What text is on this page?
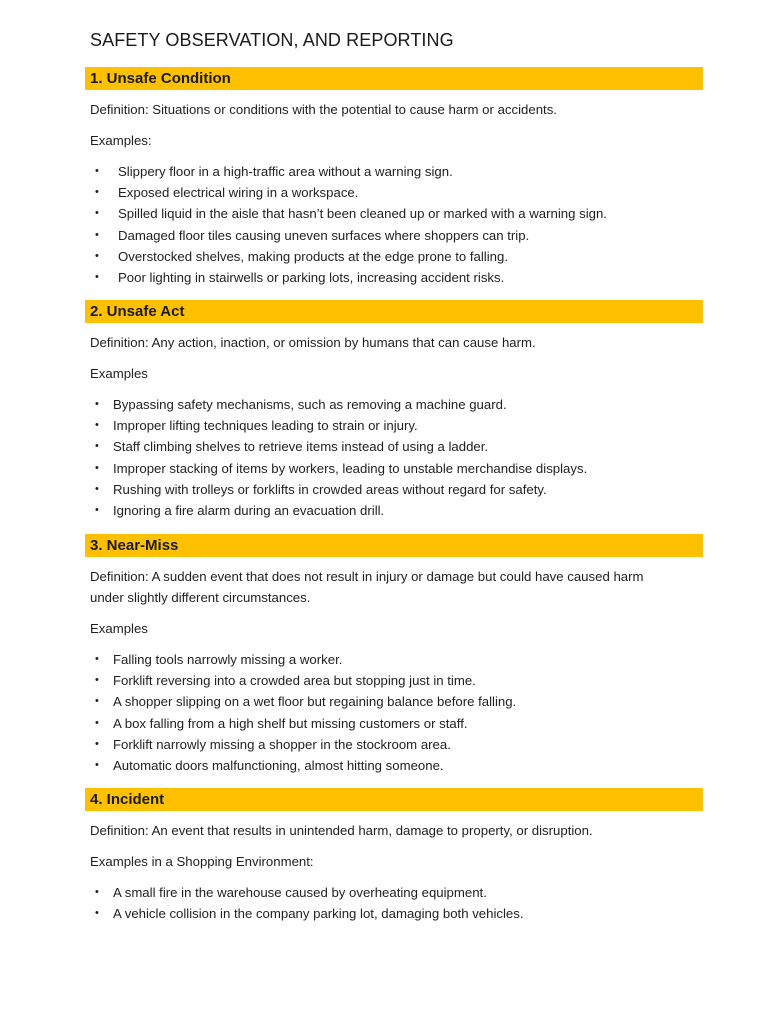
SAFETY OBSERVATION, AND REPORTING
1. Unsafe Condition

Definition: Situations or conditions with the potential to cause harm or accidents.

Examples:

• Slippery floor in a high-traffic area without a warning sign.
• Exposed electrical wiring in a workspace.
• Spilled liquid in the aisle that hasn’t been cleaned up or marked with a warning sign.
• Damaged floor tiles causing uneven surfaces where shoppers can trip.
• Overstocked shelves, making products at the edge prone to falling.
• Poor lighting in stairwells or parking lots, increasing accident risks.
2. Unsafe Act

Definition: Any action, inaction, or omission by humans that can cause harm.

Examples

• Bypassing safety mechanisms, such as removing a machine guard.
• Improper lifting techniques leading to strain or injury.
• Staff climbing shelves to retrieve items instead of using a ladder.
• Improper stacking of items by workers, leading to unstable merchandise displays.
• Rushing with trolleys or forklifts in crowded areas without regard for safety.
• Ignoring a fire alarm during an evacuation drill.
3. Near-Miss

Definition: A sudden event that does not result in injury or damage but could have caused harm
under slightly different circumstances.

Examples

• Falling tools narrowly missing a worker.
• Forklift reversing into a crowded area but stopping just in time.
• A shopper slipping on a wet floor but regaining balance before falling.
• A box falling from a high shelf but missing customers or staff.
• Forklift narrowly missing a shopper in the stockroom area.
• Automatic doors malfunctioning, almost hitting someone.
4. Incident

Definition: An event that results in unintended harm, damage to property, or disruption.

Examples in a Shopping Environment:

• A small fire in the warehouse caused by overheating equipment.
• A vehicle collision in the company parking lot, damaging both vehicles.
